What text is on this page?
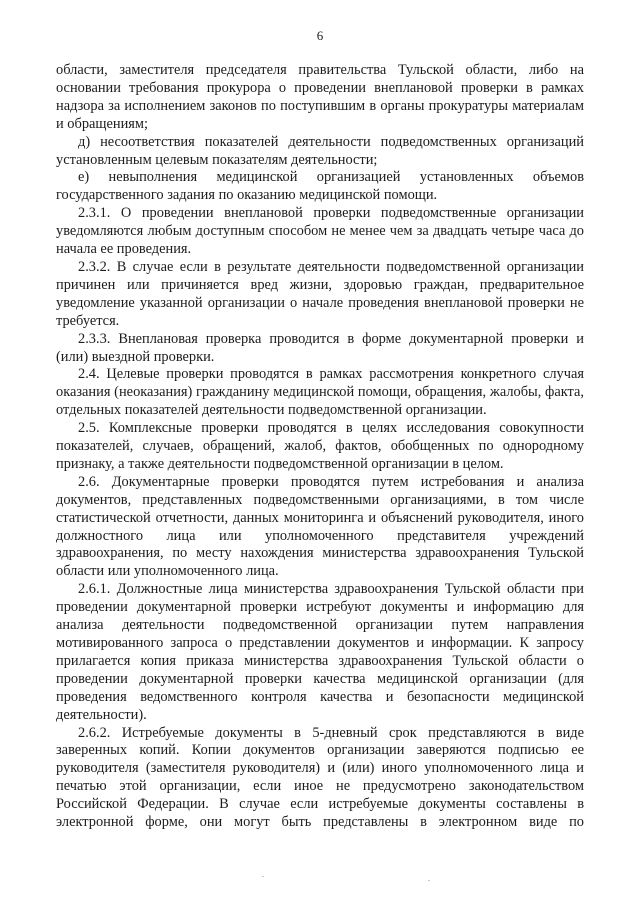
6

области, заместителя председателя правительства Тульской области, либо на основании требования прокурора о проведении внеплановой проверки в рамках надзора за исполнением законов по поступившим в органы прокуратуры материалам и обращениям;

д) несоответствия показателей деятельности подведомственных организаций установленным целевым показателям деятельности;

е) невыполнения медицинской организацией установленных объемов государственного задания по оказанию медицинской помощи.

2.3.1. О проведении внеплановой проверки подведомственные организации уведомляются любым доступным способом не менее чем за двадцать четыре часа до начала ее проведения.

2.3.2. В случае если в результате деятельности подведомственной организации причинен или причиняется вред жизни, здоровью граждан, предварительное уведомление указанной организации о начале проведения внеплановой проверки не требуется.

2.3.3. Внеплановая проверка проводится в форме документарной проверки и (или) выездной проверки.

2.4. Целевые проверки проводятся в рамках рассмотрения конкретного случая оказания (неоказания) гражданину медицинской помощи, обращения, жалобы, факта, отдельных показателей деятельности подведомственной организации.

2.5. Комплексные проверки проводятся в целях исследования совокупности показателей, случаев, обращений, жалоб, фактов, обобщенных по однородному признаку, а также деятельности подведомственной организации в целом.

2.6. Документарные проверки проводятся путем истребования и анализа документов, представленных подведомственными организациями, в том числе статистической отчетности, данных мониторинга и объяснений руководителя, иного должностного лица или уполномоченного представителя учреждений здравоохранения, по месту нахождения министерства здравоохранения Тульской области или уполномоченного лица.

2.6.1. Должностные лица министерства здравоохранения Тульской области при проведении документарной проверки истребуют документы и информацию для анализа деятельности подведомственной организации путем направления мотивированного запроса о представлении документов и информации. К запросу прилагается копия приказа министерства здравоохранения Тульской области о проведении документарной проверки качества медицинской организации (для проведения ведомственного контроля качества и безопасности медицинской деятельности).

2.6.2. Истребуемые документы в 5-дневный срок представляются в виде заверенных копий. Копии документов организации заверяются подписью ее руководителя (заместителя руководителя) и (или) иного уполномоченного лица и печатью этой организации, если иное не предусмотрено законодательством Российской Федерации. В случае если истребуемые документы составлены в электронной форме, они могут быть представлены в электронном виде по
